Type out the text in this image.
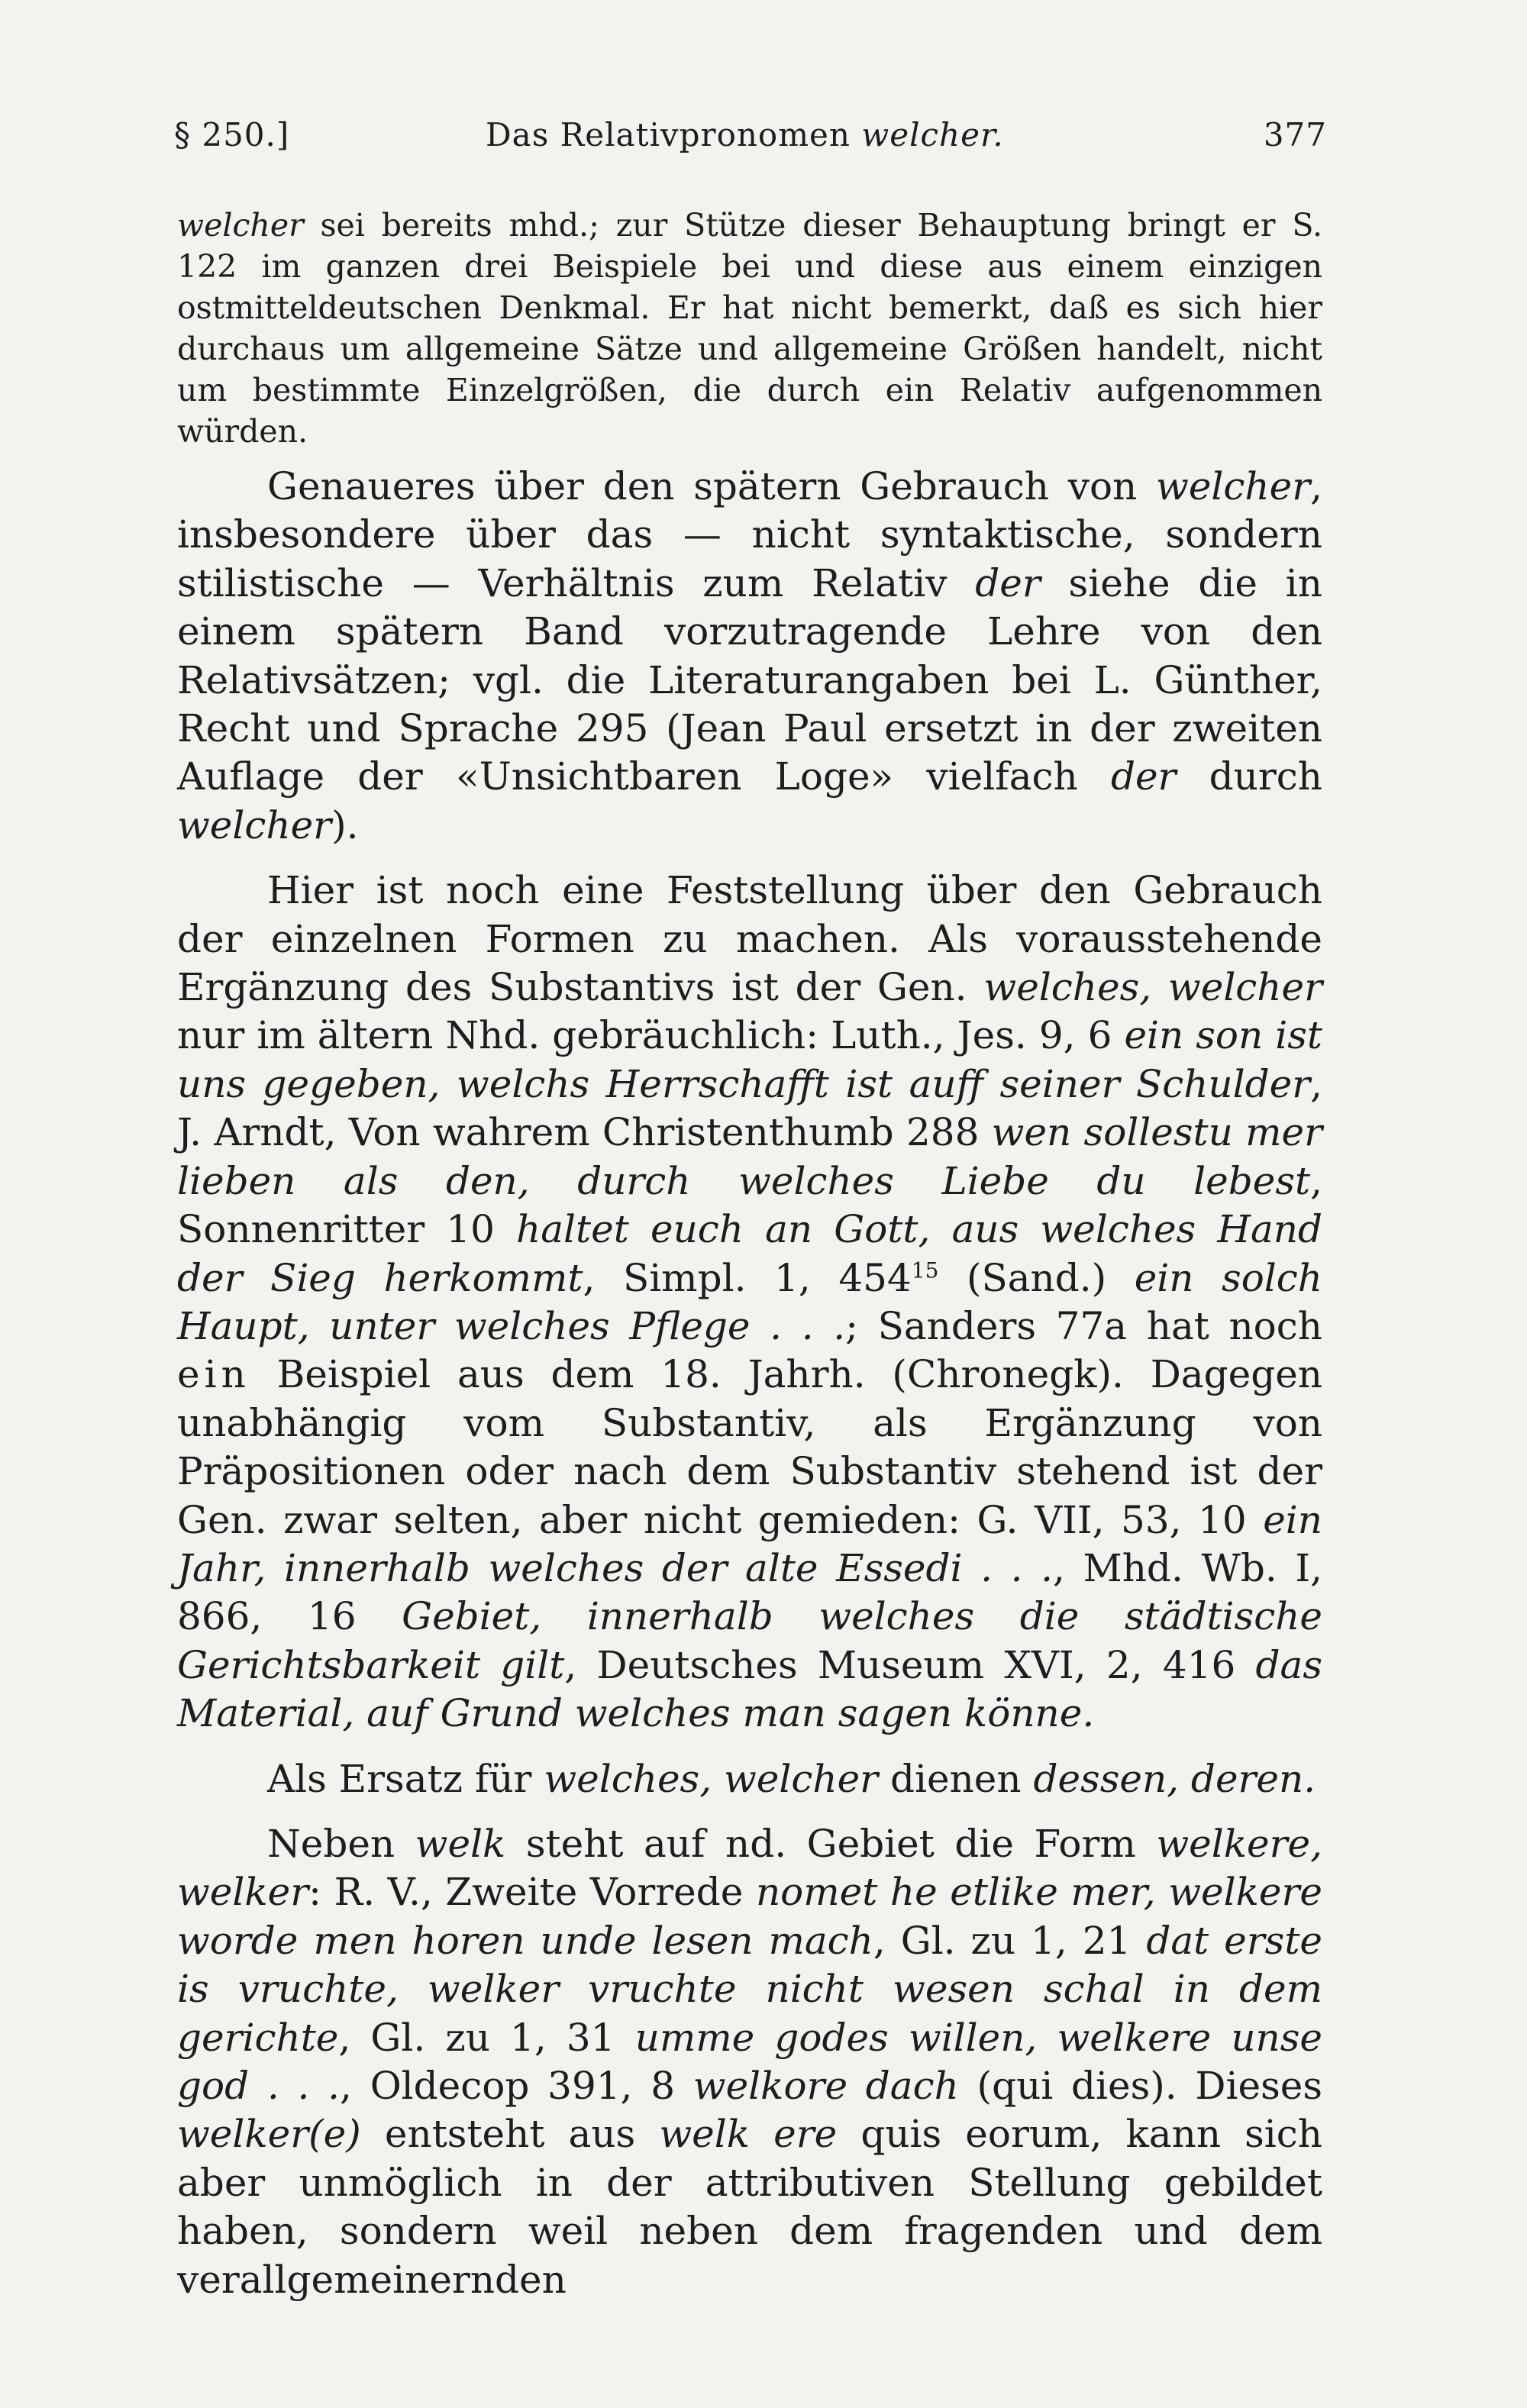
§ 250.]	Das Relativpronomen welcher.	377

welcher sei bereits mhd.; zur Stütze dieser Behauptung bringt er S. 122 im ganzen drei Beispiele bei und diese aus einem einzigen ostmitteldeutschen Denkmal. Er hat nicht bemerkt, daß es sich hier durchaus um allgemeine Sätze und allgemeine Größen handelt, nicht um bestimmte Einzelgrößen, die durch ein Relativ aufgenommen würden.

Genaueres über den spätern Gebrauch von welcher, insbesondere über das — nicht syntaktische, sondern stilistische — Verhältnis zum Relativ der siehe die in einem spätern Band vorzutragende Lehre von den Relativsätzen; vgl. die Literaturangaben bei L. Günther, Recht und Sprache 295 (Jean Paul ersetzt in der zweiten Auflage der «Unsichtbaren Loge» vielfach der durch welcher).

Hier ist noch eine Feststellung über den Gebrauch der einzelnen Formen zu machen. Als vorausstehende Ergänzung des Substantivs ist der Gen. welches, welcher nur im ältern Nhd. gebräuchlich: Luth., Jes. 9, 6 ein son ist uns gegeben, welchs Herrschafft ist auff seiner Schulder, J. Arndt, Von wahrem Christenthumb 288 wen sollestu mer lieben als den, durch welches Liebe du lebest, Sonnenritter 10 haltet euch an Gott, aus welches Hand der Sieg herkommt, Simpl. 1, $454^{15}$ (Sand.) ein solch Haupt, unter welches Pflege . . .; Sanders 77a hat noch ein Beispiel aus dem 18. Jahrh. (Chronegk). Dagegen unabhängig vom Substantiv, als Ergänzung von Präpositionen oder nach dem Substantiv stehend ist der Gen. zwar selten, aber nicht gemieden: G. VII, 53, 10 ein Jahr, innerhalb welches der alte Essedi . . ., Mhd. Wb. I, 866, 16 Gebiet, innerhalb welches die städtische Gerichtsbarkeit gilt, Deutsches Museum XVI, 2, 416 das Material, auf Grund welches man sagen könne.

Als Ersatz für welches, welcher dienen dessen, deren.

Neben welk steht auf nd. Gebiet die Form welkere, welker: R. V., Zweite Vorrede nomet he etlike mer, welkere worde men horen unde lesen mach, Gl. zu 1, 21 dat erste is vruchte, welker vruchte nicht wesen schal in dem gerichte, Gl. zu 1, 31 umme godes willen, welkere unse god . . ., Oldecop 391, 8 welkore dach (qui dies). Dieses welker(e) entsteht aus welk ere quis eorum, kann sich aber unmöglich in der attributiven Stellung gebildet haben, sondern weil neben dem fragenden und dem verallgemeinernden
